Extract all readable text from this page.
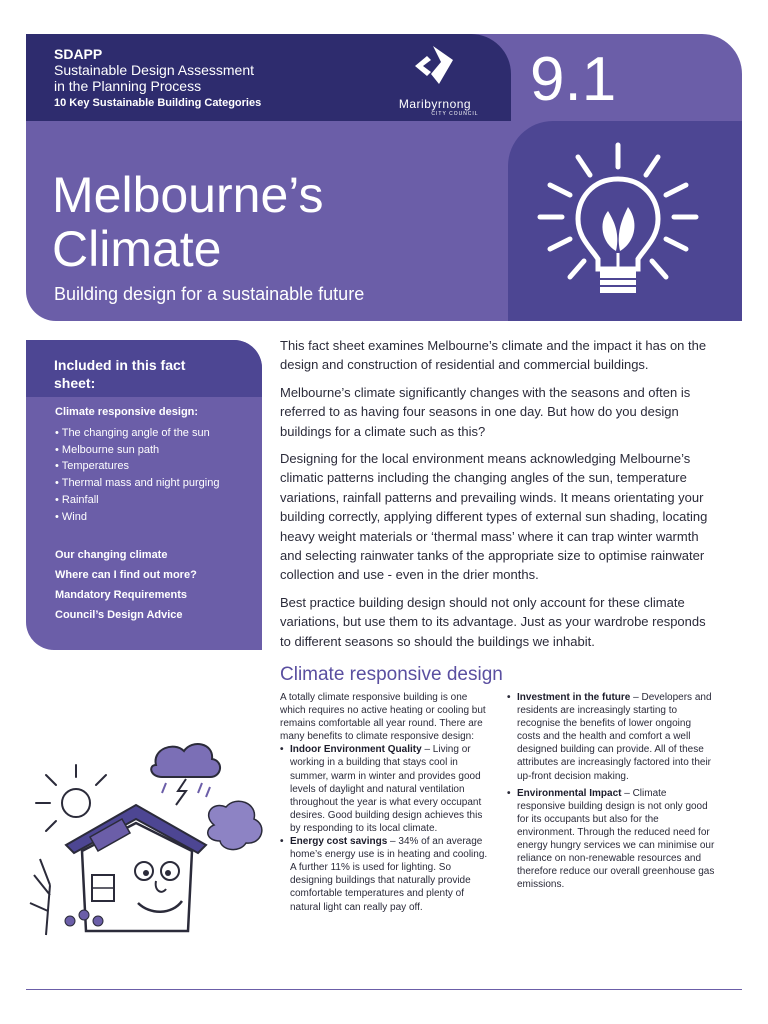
SDAPP
Sustainable Design Assessment
in the Planning Process
10 Key Sustainable Building Categories	Maribyrnong
CITY COUNCIL 9.1
Melbourne’s
Climate
Building design for a sustainable future
Included in this fact sheet:
Climate responsive design:
• The changing angle of the sun
• Melbourne sun path
• Temperatures
• Thermal mass and night purging
• Rainfall
• Wind
Our changing climate
Where can I find out more?
Mandatory Requirements
Council’s Design Advice

This fact sheet examines Melbourne’s climate and the impact it has on the design and construction of residential and commercial buildings.

Melbourne’s climate significantly changes with the seasons and often is referred to as having four seasons in one day. But how do you design buildings for a climate such as this?

Designing for the local environment means acknowledging Melbourne’s climatic patterns including the changing angles of the sun, temperature variations, rainfall patterns and prevailing winds. It means orientating your building correctly, applying different types of external sun shading, locating heavy weight materials or ‘thermal mass’ where it can trap winter warmth and selecting rainwater tanks of the appropriate size to optimise rainwater collection and use - even in the drier months.

Best practice building design should not only account for these climate variations, but use them to its advantage. Just as your wardrobe responds to different seasons so should the buildings we inhabit.

Climate responsive design
A totally climate responsive building is one which requires no active heating or cooling but remains comfortable all year round. There are many benefits to climate responsive design:
• Indoor Environment Quality – Living or working in a building that stays cool in summer, warm in winter and provides good levels of daylight and natural ventilation throughout the year is what every occupant desires. Good building design achieves this by responding to its local climate.
• Energy cost savings – 34% of an average home’s energy use is in heating and cooling. A further 11% is used for lighting. So designing buildings that naturally provide comfortable temperatures and plenty of natural light can really pay off.
• Investment in the future – Developers and residents are increasingly starting to recognise the benefits of lower ongoing costs and the health and comfort a well designed building can provide. All of these attributes are increasingly factored into their up-front decision making.
• Environmental Impact – Climate responsive building design is not only good for its occupants but also for the environment. Through the reduced need for energy hungry services we can minimise our reliance on non-renewable resources and therefore reduce our overall greenhouse gas emissions.
